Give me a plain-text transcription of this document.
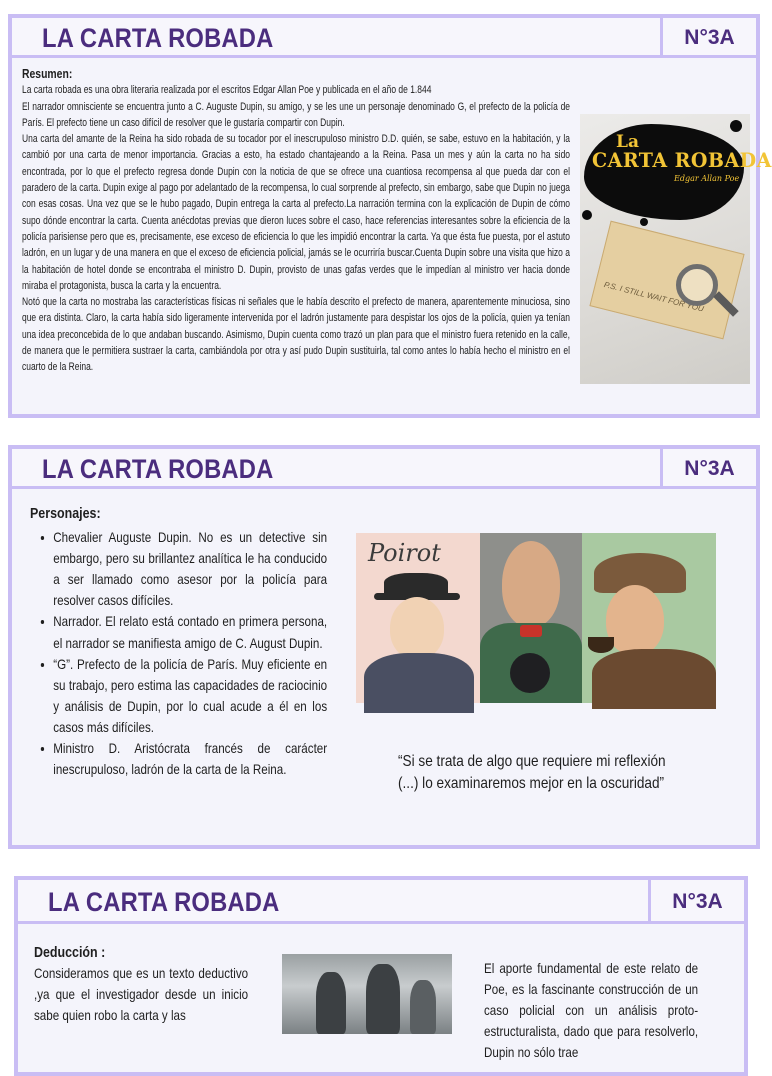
LA CARTA ROBADA	N°3A
Resumen:

La carta robada es una obra literaria realizada por el escritos Edgar Allan Poe y publicada en el año de 1.844

El narrador omnisciente se encuentra junto a C. Auguste Dupin, su amigo, y se les une un personaje denominado G, el prefecto de la policía de París. El prefecto tiene un caso difícil de resolver que le gustaría compartir con Dupin.

Una carta del amante de la Reina ha sido robada de su tocador por el inescrupuloso ministro D.D. quién, se sabe, estuvo en la habitación, y la cambió por una carta de menor importancia. Gracias a esto, ha estado chantajeando a la Reina. Pasa un mes y aún la carta no ha sido encontrada, por lo que el prefecto regresa donde Dupin con la noticia de que se ofrece una cuantiosa recompensa al que pueda dar con el paradero de la carta. Dupin exige al pago por adelantado de la recompensa, lo cual sorprende al prefecto, sin embargo, sabe que Dupin no juega con esas cosas. Una vez que se le hubo pagado, Dupin entrega la carta al prefecto.La narración termina con la explicación de Dupin de cómo supo dónde encontrar la carta. Cuenta anécdotas previas que dieron luces sobre el caso, hace referencias interesantes sobre la eficiencia de la policía parisiense pero que es, precisamente, ese exceso de eficiencia lo que les impidió encontrar la carta. Ya que ésta fue puesta, por el astuto ladrón, en un lugar y de una manera en que el exceso de eficiencia policial, jamás se le ocurriría buscar.Cuenta Dupin sobre una visita que hizo a la habitación de hotel donde se encontraba el ministro D. Dupin, provisto de unas gafas verdes que le impedían al ministro ver hacia donde miraba el protagonista, busca la carta y la encuentra.

Notó que la carta no mostraba las características físicas ni señales que le había descrito el prefecto de manera, aparentemente minuciosa, sino que era distinta. Claro, la carta había sido ligeramente intervenida por el ladrón justamente para despistar los ojos de la policía, quien ya tenían una idea preconcebida de lo que andaban buscando. Asimismo, Dupin cuenta como trazó un plan para que el ministro fuera retenido en la calle, de manera que le permitiera sustraer la carta, cambiándola por otra y así pudo Dupin sustituirla, tal como antes lo había hecho el ministro en el cuarto de la Reina.

La
CARTA ROBADA
Edgar Allan Poe
P.S. I STILL WAIT FOR YOU
LA CARTA ROBADA	N°3A
Personajes:
• Chevalier Auguste Dupin. No es un detective sin embargo, pero su brillantez analítica le ha conducido a ser llamado como asesor por la policía para resolver casos difíciles.
• Narrador. El relato está contado en primera persona, el narrador se manifiesta amigo de C. August Dupin.
• “G”. Prefecto de la policía de París. Muy eficiente en su trabajo, pero estima las capacidades de raciocinio y análisis de Dupin, por lo cual acude a él en los casos más difíciles.
• Ministro D. Aristócrata francés de carácter inescrupuloso, ladrón de la carta de la Reina.
Poirot
“Si se trata de algo que requiere mi reflexión (...) lo examinaremos mejor en la oscuridad”
LA CARTA ROBADA	N°3A
Deducción :

Consideramos que es un texto deductivo ,ya que el investigador desde un inicio sabe quien robo la carta y las

El aporte fundamental de este relato de Poe, es la fascinante construcción de un caso policial con un análisis proto-estructuralista, dado que para resolverlo, Dupin no sólo trae
